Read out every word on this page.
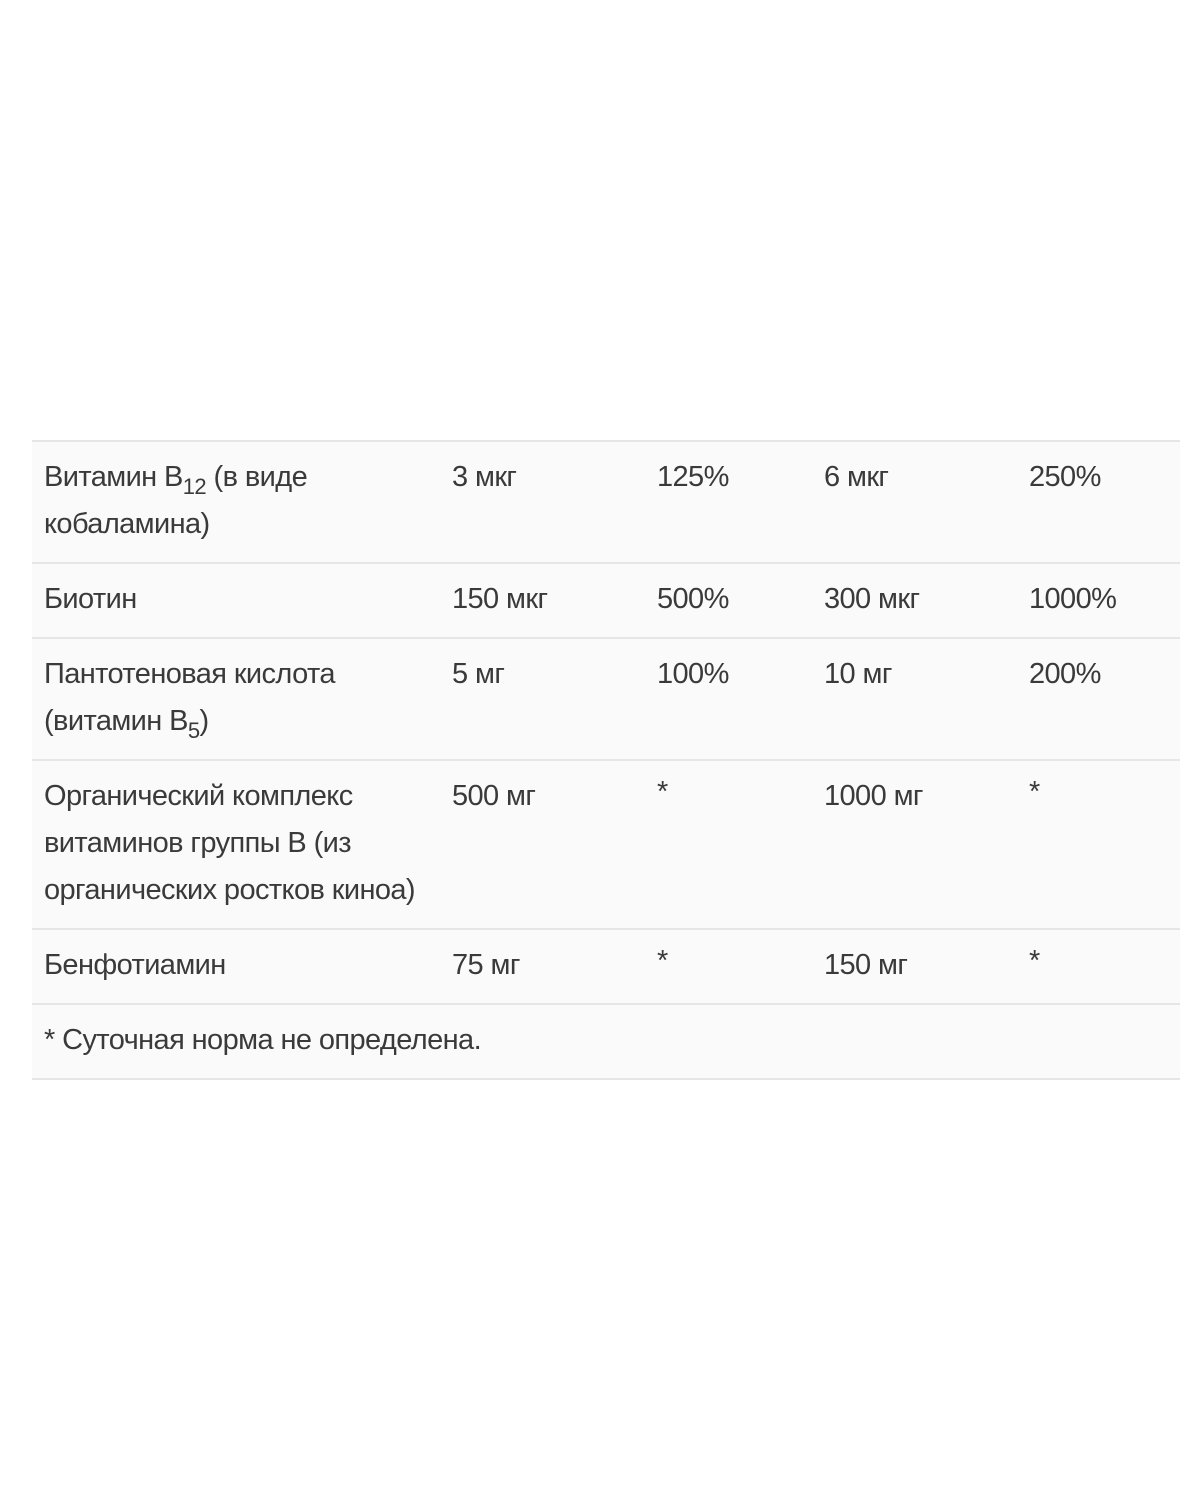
Витамин $B_{12}$ (в виде кобаламина)	3 мкг	125%	6 мкг	250%
Биотин	150 мкг	500%	300 мкг	1000%
Пантотеновая кислота (витамин $B_5$)	5 мг	100%	10 мг	200%
Органический комплекс витаминов группы B (из органических ростков киноа)	500 мг	*	1000 мг	*
Бенфотиамин	75 мг	*	150 мг	*
* Суточная норма не определена.				
